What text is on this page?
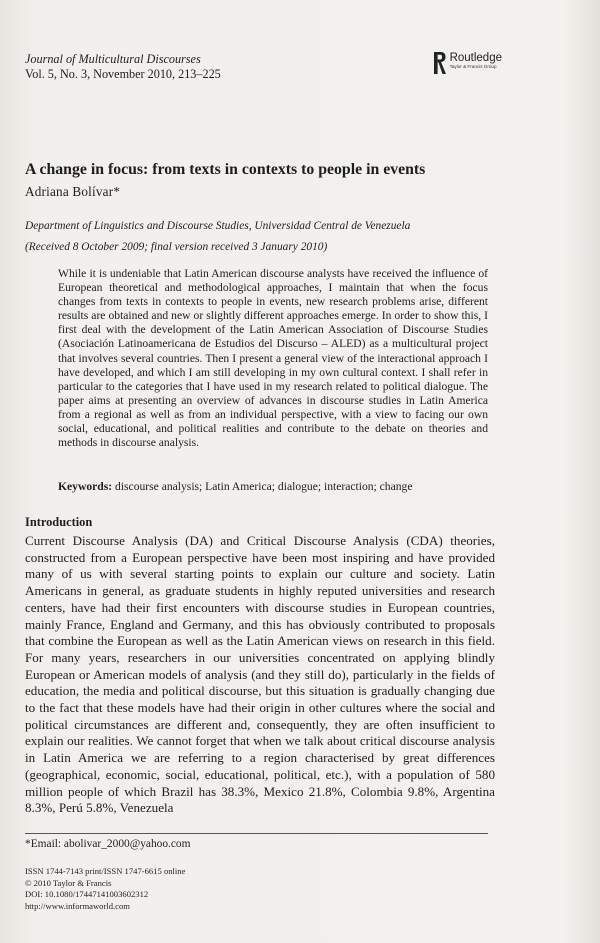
Journal of Multicultural Discourses
Vol. 5, No. 3, November 2010, 213–225
Routledge
Taylor & Francis Group
A change in focus: from texts in contexts to people in events
Adriana Bolívar*
Department of Linguistics and Discourse Studies, Universidad Central de Venezuela
(Received 8 October 2009; final version received 3 January 2010)

While it is undeniable that Latin American discourse analysts have received the influence of European theoretical and methodological approaches, I maintain that when the focus changes from texts in contexts to people in events, new research problems arise, different results are obtained and new or slightly different approaches emerge. In order to show this, I first deal with the development of the Latin American Association of Discourse Studies (Asociación Latinoamericana de Estudios del Discurso – ALED) as a multicultural project that involves several countries. Then I present a general view of the interactional approach I have developed, and which I am still developing in my own cultural context. I shall refer in particular to the categories that I have used in my research related to political dialogue. The paper aims at presenting an overview of advances in discourse studies in Latin America from a regional as well as from an individual perspective, with a view to facing our own social, educational, and political realities and contribute to the debate on theories and methods in discourse analysis.

Keywords: discourse analysis; Latin America; dialogue; interaction; change
Introduction

Current Discourse Analysis (DA) and Critical Discourse Analysis (CDA) theories, constructed from a European perspective have been most inspiring and have provided many of us with several starting points to explain our culture and society. Latin Americans in general, as graduate students in highly reputed universities and research centers, have had their first encounters with discourse studies in European countries, mainly France, England and Germany, and this has obviously contributed to proposals that combine the European as well as the Latin American views on research in this field. For many years, researchers in our universities concentrated on applying blindly European or American models of analysis (and they still do), particularly in the fields of education, the media and political discourse, but this situation is gradually changing due to the fact that these models have had their origin in other cultures where the social and political circumstances are different and, consequently, they are often insufficient to explain our realities. We cannot forget that when we talk about critical discourse analysis in Latin America we are referring to a region characterised by great differences (geographical, economic, social, educational, political, etc.), with a population of 580 million people of which Brazil has 38.3%, Mexico 21.8%, Colombia 9.8%, Argentina 8.3%, Perú 5.8%, Venezuela

*Email: abolivar_2000@yahoo.com
ISSN 1744-7143 print/ISSN 1747-6615 online
© 2010 Taylor & Francis
DOI: 10.1080/17447141003602312
http://www.informaworld.com
